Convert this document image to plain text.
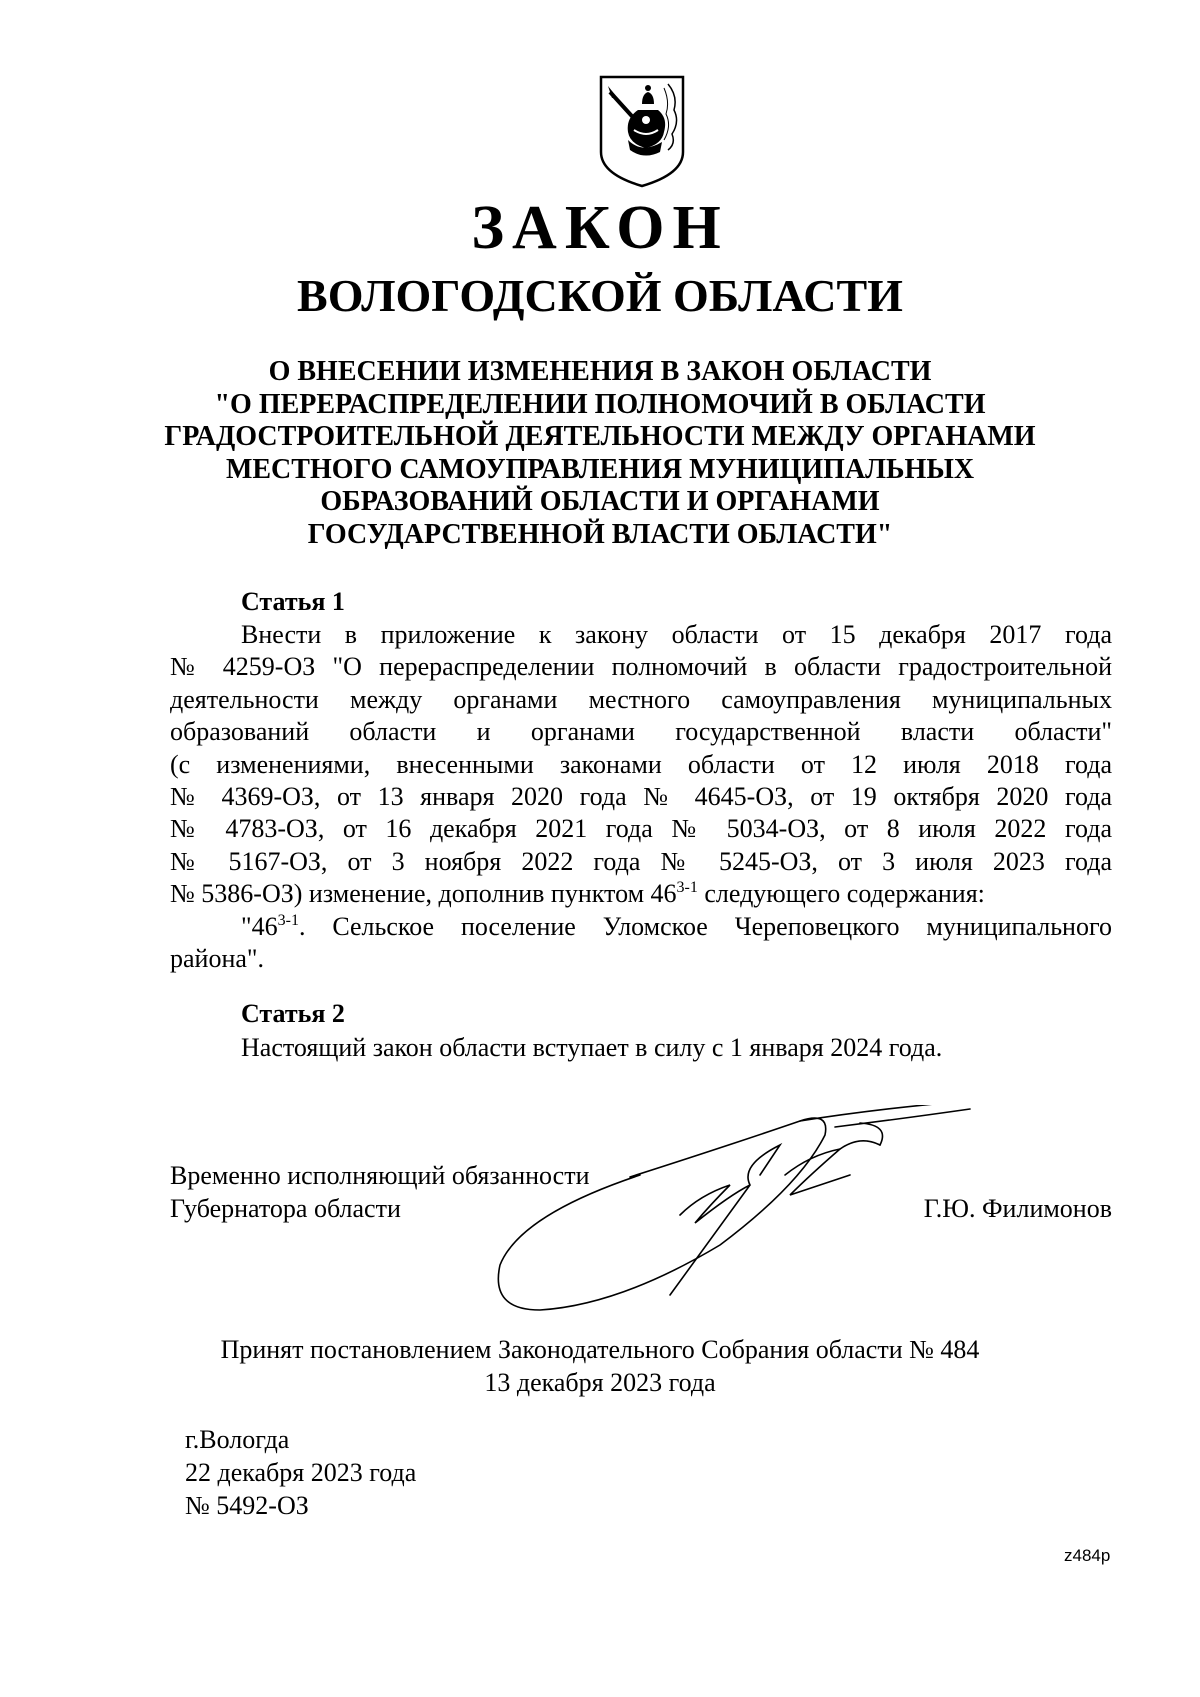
ЗАКОН
ВОЛОГОДСКОЙ ОБЛАСТИ
О ВНЕСЕНИИ ИЗМЕНЕНИЯ В ЗАКОН ОБЛАСТИ
"О ПЕРЕРАСПРЕДЕЛЕНИИ ПОЛНОМОЧИЙ В ОБЛАСТИ
ГРАДОСТРОИТЕЛЬНОЙ ДЕЯТЕЛЬНОСТИ МЕЖДУ ОРГАНАМИ
МЕСТНОГО САМОУПРАВЛЕНИЯ МУНИЦИПАЛЬНЫХ
ОБРАЗОВАНИЙ ОБЛАСТИ И ОРГАНАМИ
ГОСУДАРСТВЕННОЙ ВЛАСТИ ОБЛАСТИ"
Статья 1
Внести в приложение к закону области от 15 декабря 2017 года
№ 4259-ОЗ "О перераспределении полномочий в области градостроительной
деятельности между органами местного самоуправления муниципальных
образований области и органами государственной власти области"
(с изменениями, внесенными законами области от 12 июля 2018 года
№ 4369-ОЗ, от 13 января 2020 года № 4645-ОЗ, от 19 октября 2020 года
№ 4783-ОЗ, от 16 декабря 2021 года № 5034-ОЗ, от 8 июля 2022 года
№ 5167-ОЗ, от 3 ноября 2022 года № 5245-ОЗ, от 3 июля 2023 года
№ 5386-ОЗ) изменение, дополнив пунктом 46$^{3-1}$ следующего содержания:
"46$^{3-1}$. Сельское поселение Уломское Череповецкого муниципального
района".
Статья 2
Настоящий закон области вступает в силу с 1 января 2024 года.
Временно исполняющий обязанности
Губернатора области	Г.Ю. Филимонов
Принят постановлением Законодательного Собрания области № 484
13 декабря 2023 года
г.Вологда
22 декабря 2023 года
№ 5492-ОЗ
z484p
